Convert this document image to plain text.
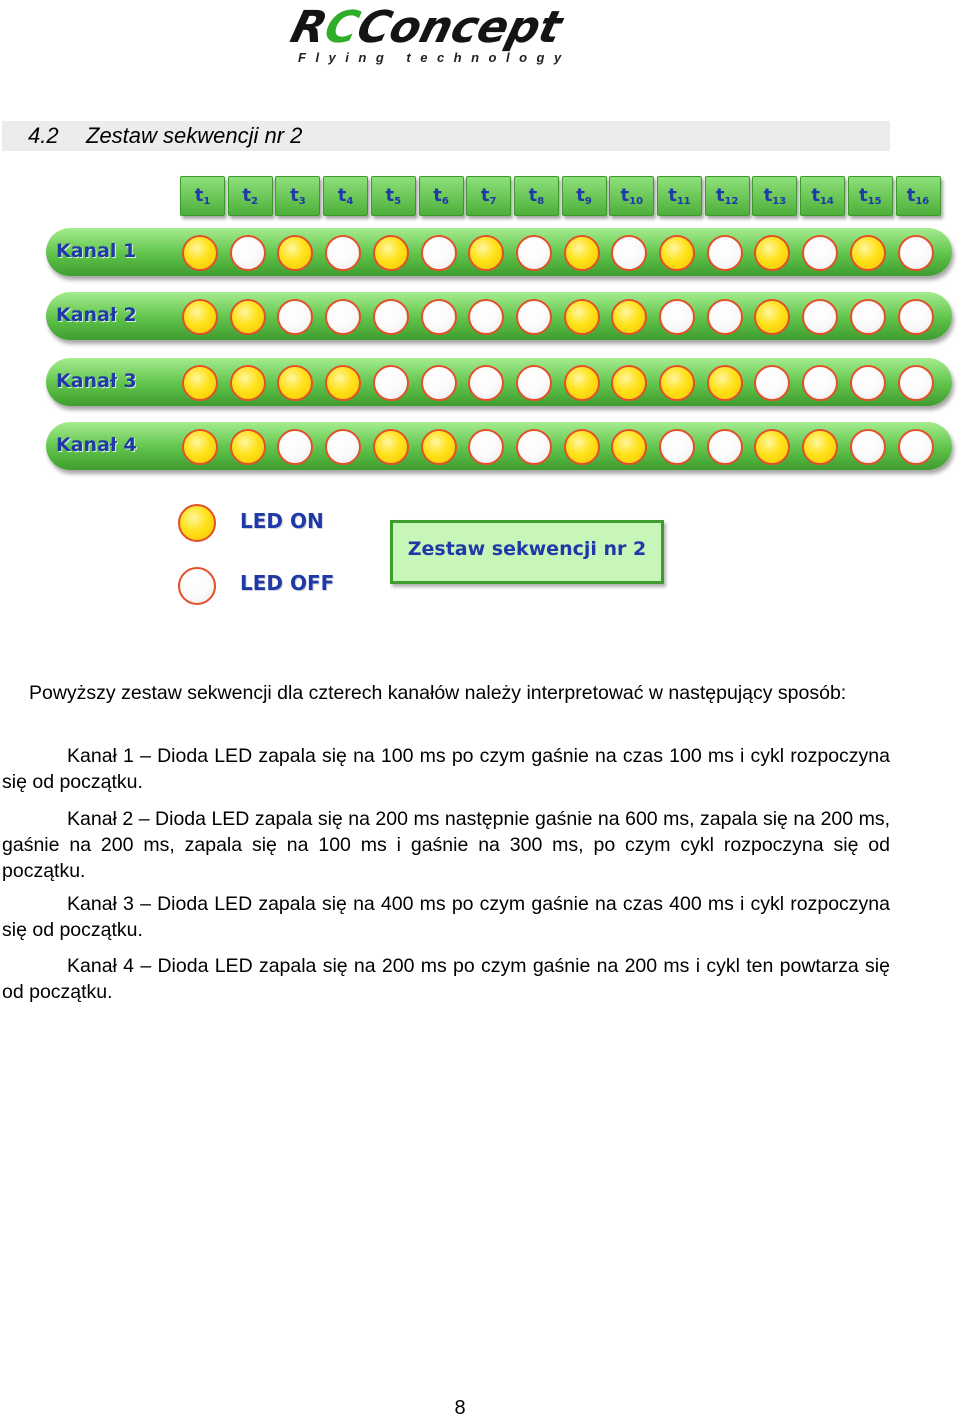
RCConcept
Flying technology
4.2 Zestaw sekwencji nr 2
$t_1$	$t_2$	$t_3$	$t_4$	$t_5$	$t_6$	$t_7$	$t_8$	$t_9$	$t_{10}$	$t_{11}$	$t_{12}$	$t_{13}$	$t_{14}$	$t_{15}$	$t_{16}$
Kanal 1
Kanał 2
Kanał 3
Kanał 4
LED ON
LED OFF
Zestaw sekwencji nr 2

Powyższy zestaw sekwencji dla czterech kanałów należy interpretować w następujący sposób:

Kanał 1 – Dioda LED zapala się na 100 ms po czym gaśnie na czas 100 ms i cykl rozpoczyna się od początku.

Kanał 2 – Dioda LED zapala się na 200 ms następnie gaśnie na 600 ms, zapala się na 200 ms, gaśnie na 200 ms, zapala się na 100 ms i gaśnie na 300 ms, po czym cykl rozpoczyna się od początku.

Kanał 3 – Dioda LED zapala się na 400 ms po czym gaśnie na czas 400 ms i cykl rozpoczyna się od początku.

Kanał 4 – Dioda LED zapala się na 200 ms po czym gaśnie na 200 ms i cykl ten powtarza się od początku.

8
